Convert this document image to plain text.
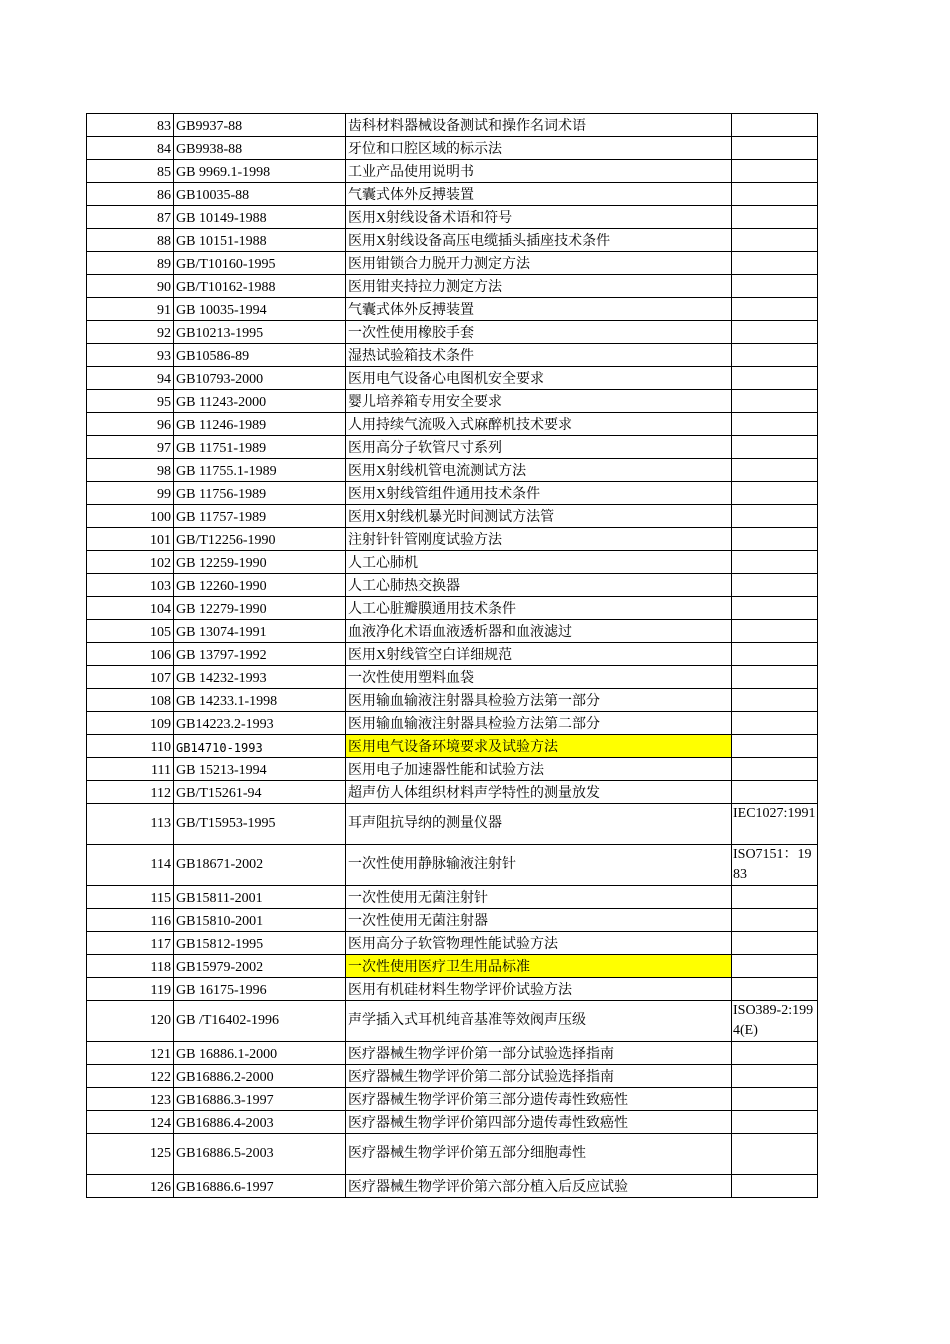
83	GB9937-88	齿科材料器械设备测试和操作名词术语	
84	GB9938-88	牙位和口腔区域的标示法	
85	GB 9969.1-1998	工业产品使用说明书	
86	GB10035-88	气囊式体外反搏装置	
87	GB 10149-1988	医用X射线设备术语和符号	
88	GB 10151-1988	医用X射线设备高压电缆插头插座技术条件	
89	GB/T10160-1995	医用钳锁合力脱开力测定方法	
90	GB/T10162-1988	医用钳夹持拉力测定方法	
91	GB 10035-1994	气囊式体外反搏装置	
92	GB10213-1995	一次性使用橡胶手套	
93	GB10586-89	湿热试验箱技术条件	
94	GB10793-2000	医用电气设备心电图机安全要求	
95	GB 11243-2000	婴儿培养箱专用安全要求	
96	GB 11246-1989	人用持续气流吸入式麻醉机技术要求	
97	GB 11751-1989	医用高分子软管尺寸系列	
98	GB 11755.1-1989	医用X射线机管电流测试方法	
99	GB 11756-1989	医用X射线管组件通用技术条件	
100	GB 11757-1989	医用X射线机暴光时间测试方法管	
101	GB/T12256-1990	注射针针管刚度试验方法	
102	GB 12259-1990	人工心肺机	
103	GB 12260-1990	人工心肺热交换器	
104	GB 12279-1990	人工心脏瓣膜通用技术条件	
105	GB 13074-1991	血液净化术语血液透析器和血液滤过	
106	GB 13797-1992	医用X射线管空白详细规范	
107	GB 14232-1993	一次性使用塑料血袋	
108	GB 14233.1-1998	医用输血输液注射器具检验方法第一部分	
109	GB14223.2-1993	医用输血输液注射器具检验方法第二部分	
110	GB14710-1993	医用电气设备环境要求及试验方法	
111	GB 15213-1994	医用电子加速器性能和试验方法	
112	GB/T15261-94	超声仿人体组织材料声学特性的测量放发	
113	GB/T15953-1995	耳声阻抗导纳的测量仪器	IEC1027:1991
114	GB18671-2002	一次性使用静脉输液注射针	ISO7151：1983
115	GB15811-2001	一次性使用无菌注射针	
116	GB15810-2001	一次性使用无菌注射器	
117	GB15812-1995	医用高分子软管物理性能试验方法	
118	GB15979-2002	一次性使用医疗卫生用品标准	
119	GB 16175-1996	医用有机硅材料生物学评价试验方法	
120	GB /T16402-1996	声学插入式耳机纯音基准等效阀声压级	ISO389-2:1994(E)
121	GB 16886.1-2000	医疗器械生物学评价第一部分试验选择指南	
122	GB16886.2-2000	医疗器械生物学评价第二部分试验选择指南	
123	GB16886.3-1997	医疗器械生物学评价第三部分遗传毒性致癌性	
124	GB16886.4-2003	医疗器械生物学评价第四部分遗传毒性致癌性	
125	GB16886.5-2003	医疗器械生物学评价第五部分细胞毒性	
126	GB16886.6-1997	医疗器械生物学评价第六部分植入后反应试验	
